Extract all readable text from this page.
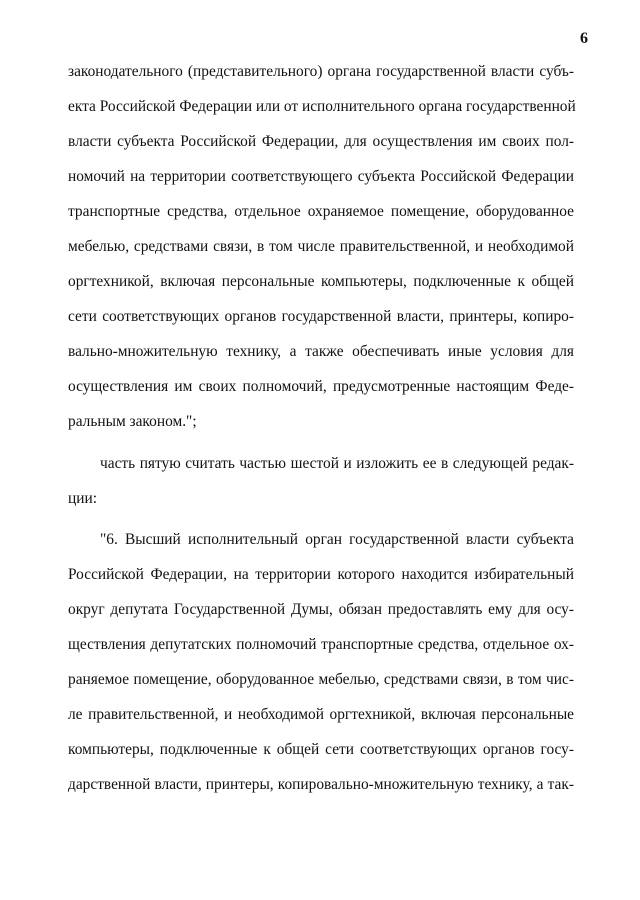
6
законодательного (представительного) органа государственной власти субъ-
екта Российской Федерации или от исполнительного органа государственной
власти субъекта Российской Федерации, для осуществления им своих пол-
номочий на территории соответствующего субъекта Российской Федерации
транспортные средства, отдельное охраняемое помещение, оборудованное
мебелью, средствами связи, в том числе правительственной, и необходимой
оргтехникой, включая персональные компьютеры, подключенные к общей
сети соответствующих органов государственной власти, принтеры, копиро-
вально-множительную технику, а также обеспечивать иные условия для
осуществления им своих полномочий, предусмотренные настоящим Феде-
ральным законом.";
часть пятую считать частью шестой и изложить ее в следующей редак-
ции:
"6. Высший исполнительный орган государственной власти субъекта
Российской Федерации, на территории которого находится избирательный
округ депутата Государственной Думы, обязан предоставлять ему для осу-
ществления депутатских полномочий транспортные средства, отдельное ох-
раняемое помещение, оборудованное мебелью, средствами связи, в том чис-
ле правительственной, и необходимой оргтехникой, включая персональные
компьютеры, подключенные к общей сети соответствующих органов госу-
дарственной власти, принтеры, копировально-множительную технику, а так-
